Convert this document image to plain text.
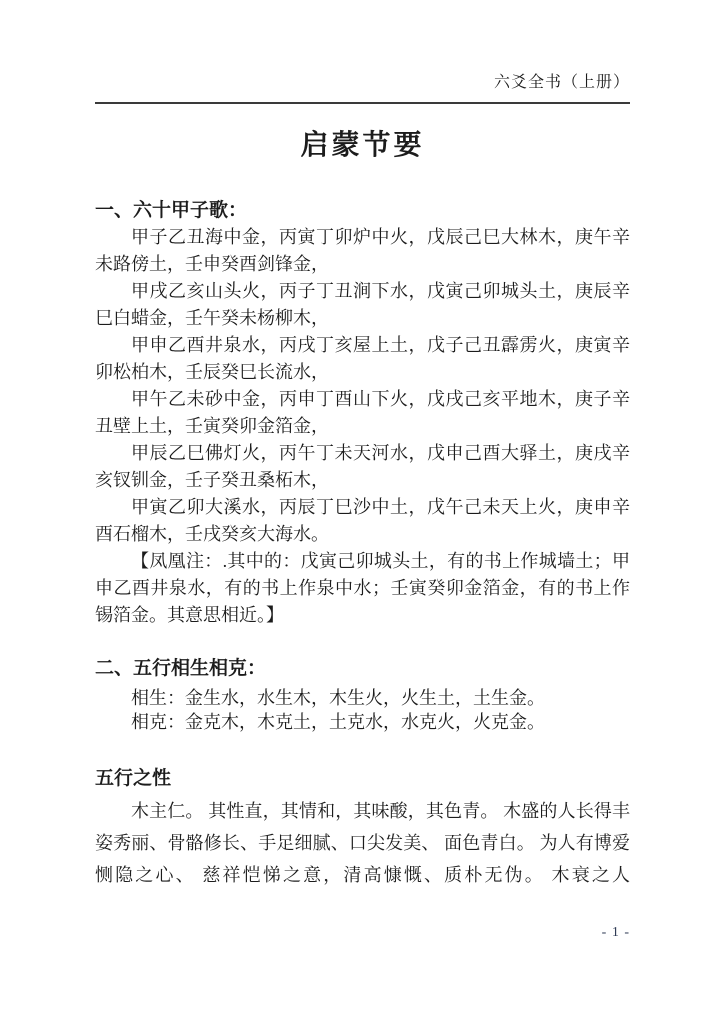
六爻全书（上册）
启蒙节要
一、六十甲子歌：

甲子乙丑海中金，丙寅丁卯炉中火，戊辰己巳大林木，庚午辛未路傍土，壬申癸酉剑锋金，

甲戌乙亥山头火，丙子丁丑涧下水，戊寅己卯城头土，庚辰辛巳白蜡金，壬午癸未杨柳木，

甲申乙酉井泉水，丙戌丁亥屋上土，戊子己丑霹雳火，庚寅辛卯松柏木，壬辰癸巳长流水，

甲午乙未砂中金，丙申丁酉山下火，戊戌己亥平地木，庚子辛丑壁上土，壬寅癸卯金箔金，

甲辰乙巳佛灯火，丙午丁未天河水，戊申己酉大驿土，庚戌辛亥钗钏金，壬子癸丑桑柘木，

甲寅乙卯大溪水，丙辰丁巳沙中土，戊午己未天上火，庚申辛酉石榴木，壬戌癸亥大海水。

【凤凰注：.其中的：戊寅己卯城头土，有的书上作城墙土；甲申乙酉井泉水，有的书上作泉中水；壬寅癸卯金箔金，有的书上作锡箔金。其意思相近。】

二、五行相生相克：
相生：金生水，水生木，木生火，火生土，土生金。
相克：金克木，木克土，土克水，水克火，火克金。
五行之性

木主仁。 其性直，其情和，其味酸，其色青。 木盛的人长得丰姿秀丽、骨骼修长、手足细腻、口尖发美、 面色青白。 为人有博爱恻隐之心、 慈祥恺悌之意，清高慷慨、质朴无伪。 木衰之人

- 1 -
